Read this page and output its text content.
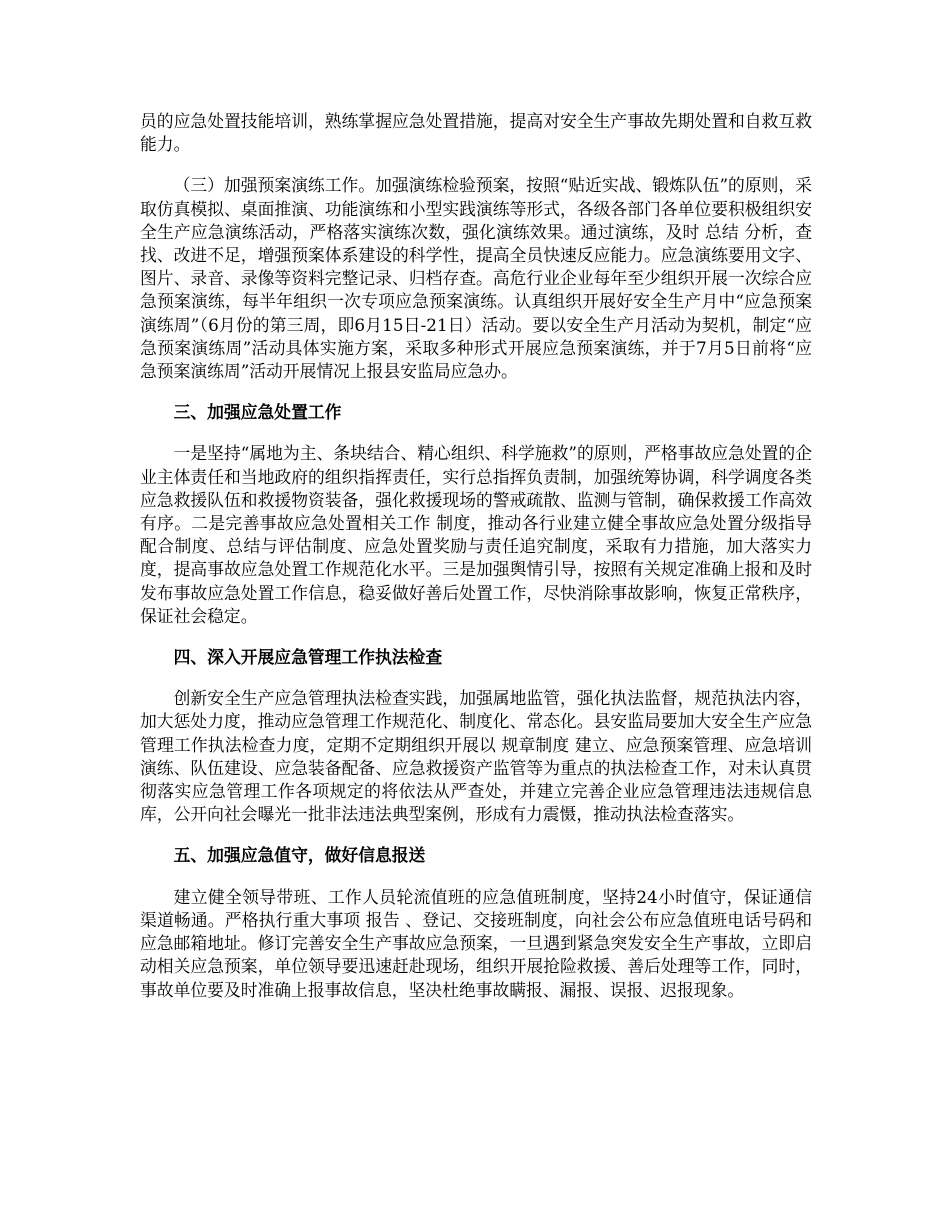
员的应急处置技能培训，熟练掌握应急处置措施，提高对安全生产事故先期处置和自救互救能力。

（三）加强预案演练工作。加强演练检验预案，按照“贴近实战、锻炼队伍”的原则，采取仿真模拟、桌面推演、功能演练和小型实践演练等形式，各级各部门各单位要积极组织安全生产应急演练活动，严格落实演练次数，强化演练效果。通过演练，及时 总结 分析，查找、改进不足，增强预案体系建设的科学性，提高全员快速反应能力。应急演练要用文字、图片、录音、录像等资料完整记录、归档存查。高危行业企业每年至少组织开展一次综合应急预案演练，每半年组织一次专项应急预案演练。认真组织开展好安全生产月中“应急预案演练周”（6月份的第三周，即6月15日-21日）活动。要以安全生产月活动为契机，制定“应急预案演练周”活动具体实施方案，采取多种形式开展应急预案演练，并于7月5日前将“应急预案演练周”活动开展情况上报县安监局应急办。

三、加强应急处置工作

一是坚持“属地为主、条块结合、精心组织、科学施救”的原则，严格事故应急处置的企业主体责任和当地政府的组织指挥责任，实行总指挥负责制，加强统筹协调，科学调度各类应急救援队伍和救援物资装备，强化救援现场的警戒疏散、监测与管制，确保救援工作高效有序。二是完善事故应急处置相关工作 制度，推动各行业建立健全事故应急处置分级指导配合制度、总结与评估制度、应急处置奖励与责任追究制度，采取有力措施，加大落实力度，提高事故应急处置工作规范化水平。三是加强舆情引导，按照有关规定准确上报和及时发布事故应急处置工作信息，稳妥做好善后处置工作，尽快消除事故影响，恢复正常秩序，保证社会稳定。

四、深入开展应急管理工作执法检查

创新安全生产应急管理执法检查实践，加强属地监管，强化执法监督，规范执法内容，加大惩处力度，推动应急管理工作规范化、制度化、常态化。县安监局要加大安全生产应急管理工作执法检查力度，定期不定期组织开展以 规章制度 建立、应急预案管理、应急培训演练、队伍建设、应急装备配备、应急救援资产监管等为重点的执法检查工作，对未认真贯彻落实应急管理工作各项规定的将依法从严查处，并建立完善企业应急管理违法违规信息库，公开向社会曝光一批非法违法典型案例，形成有力震慑，推动执法检查落实。

五、加强应急值守，做好信息报送

建立健全领导带班、工作人员轮流值班的应急值班制度，坚持24小时值守，保证通信渠道畅通。严格执行重大事项 报告 、登记、交接班制度，向社会公布应急值班电话号码和应急邮箱地址。修订完善安全生产事故应急预案，一旦遇到紧急突发安全生产事故，立即启动相关应急预案，单位领导要迅速赶赴现场，组织开展抢险救援、善后处理等工作，同时，事故单位要及时准确上报事故信息，坚决杜绝事故瞒报、漏报、误报、迟报现象。
